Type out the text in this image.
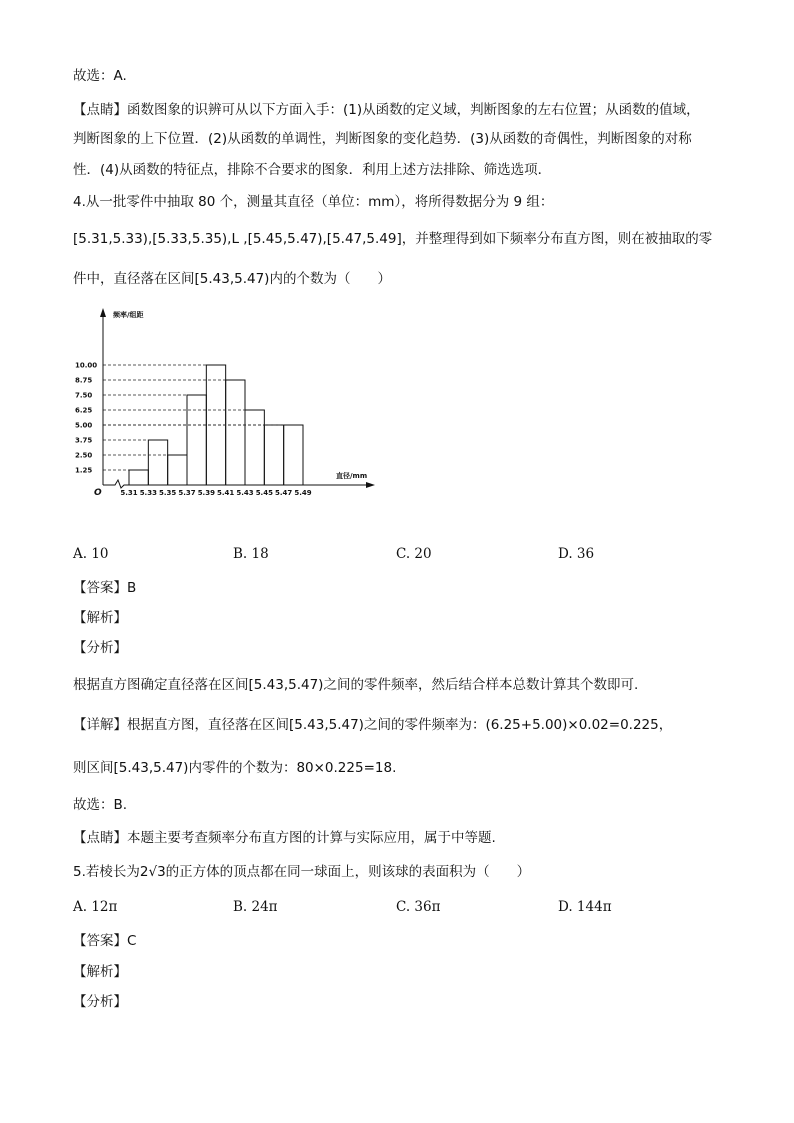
故选：A.
【点睛】函数图象的识辨可从以下方面入手：(1)从函数的定义域，判断图象的左右位置；从函数的值域，
判断图象的上下位置．(2)从函数的单调性，判断图象的变化趋势．(3)从函数的奇偶性，判断图象的对称
性．(4)从函数的特征点，排除不合要求的图象．利用上述方法排除、筛选选项．
4.从一批零件中抽取 80 个，测量其直径（单位：mm），将所得数据分为 9 组：
[5.31,5.33),[5.33,5.35),L ,[5.45,5.47),[5.47,5.49]，并整理得到如下频率分布直方图，则在被抽取的零
件中，直径落在区间[5.43,5.47)内的个数为（　　）
1.25
2.50
3.75
5.00
6.25
7.50
8.75
10.00
5.31 5.33 5.35 5.37 5.39 5.41 5.43 5.45 5.47 5.49
频率/组距
直径/mm
O
A. 10	B. 18	C. 20	D. 36
【答案】B
【解析】
【分析】
根据直方图确定直径落在区间[5.43,5.47)之间的零件频率，然后结合样本总数计算其个数即可.
【详解】根据直方图，直径落在区间[5.43,5.47)之间的零件频率为：(6.25+5.00)×0.02=0.225，
则区间[5.43,5.47)内零件的个数为：80×0.225=18.
故选：B.
【点睛】本题主要考查频率分布直方图的计算与实际应用，属于中等题.
5.若棱长为2√3的正方体的顶点都在同一球面上，则该球的表面积为（　　）
A. 12π	B. 24π	C. 36π	D. 144π
【答案】C
【解析】
【分析】
